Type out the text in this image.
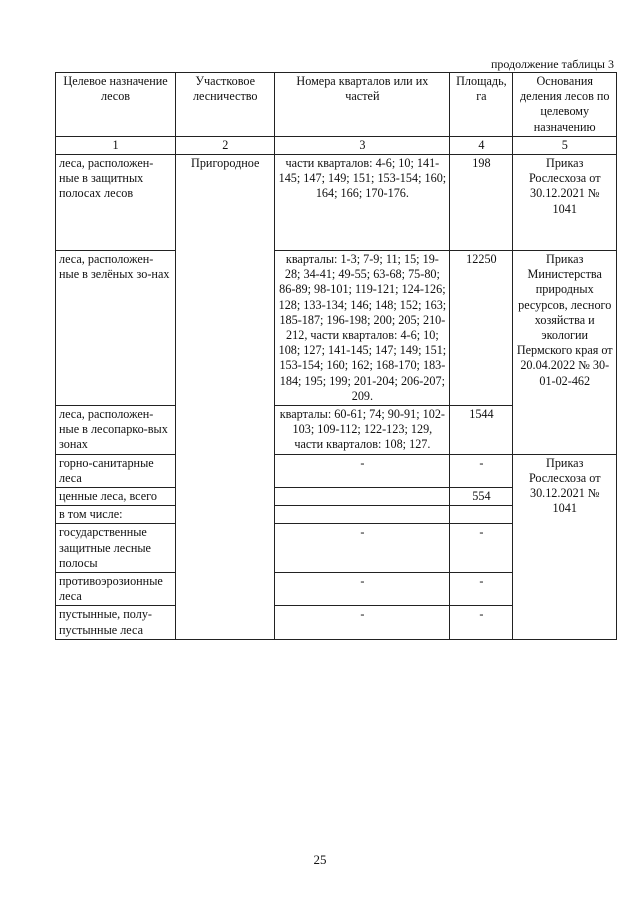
продолжение таблицы 3
Целевое назначение лесов	Участковое лесничество	Номера кварталов или их частей	Площадь, га	Основания деления лесов по целевому назначению
1	2	3	4	5
леса, расположен-ные в защитных полосах лесов	Пригородное	части кварталов: 4-6; 10; 141-145; 147; 149; 151; 153-154; 160; 164; 166; 170-176.	198	Приказ Рослесхоза от 30.12.2021 № 1041
леса, расположен-ные в зелёных зо-нах		кварталы: 1-3; 7-9; 11; 15; 19-28; 34-41; 49-55; 63-68; 75-80; 86-89; 98-101; 119-121; 124-126; 128; 133-134; 146; 148; 152; 163; 185-187; 196-198; 200; 205; 210-212, части кварталов: 4-6; 10; 108; 127; 141-145; 147; 149; 151; 153-154; 160; 162; 168-170; 183-184; 195; 199; 201-204; 206-207; 209.	12250	Приказ Министерства природных ресурсов, лесного хозяйства и экологии Пермского края от 20.04.2022 № 30-01-02-462
леса, расположен-ные в лесопарко-вых зонах		кварталы: 60-61; 74; 90-91; 102-103; 109-112; 122-123; 129, части кварталов: 108; 127.	1544	
горно-санитарные леса		-	-	Приказ Рослесхоза от 30.12.2021 № 1041
ценные леса, всего			554	
в том числе:				
государственные защитные лесные полосы		-	-	
противоэрозионные леса		-	-	
пустынные, полу-пустынные леса		-	-	
25
